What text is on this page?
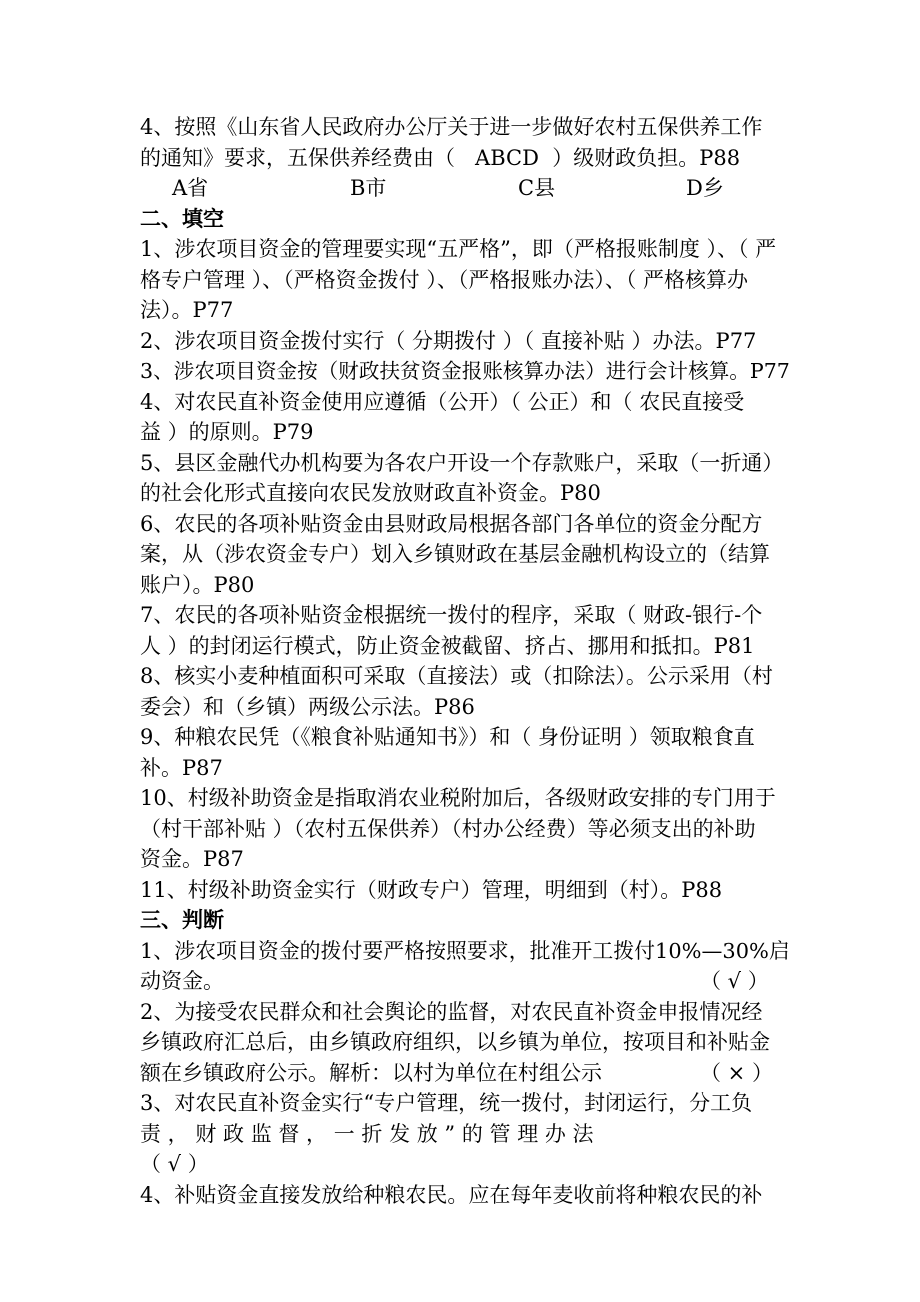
4、按照《山东省人民政府办公厅关于进一步做好农村五保供养工作
的通知》要求，五保供养经费由（   ABCD  ）级财政负担。P88
A省	B市	C县	D乡
二、填空
1、涉农项目资金的管理要实现“五严格”，即（严格报账制度 ）、（ 严
格专户管理 ）、（严格资金拨付 ）、（严格报账办法）、（ 严格核算办
法）。P77
2、涉农项目资金拨付实行（ 分期拨付 ）（ 直接补贴 ）办法。P77
3、涉农项目资金按（财政扶贫资金报账核算办法）进行会计核算。P77
4、对农民直补资金使用应遵循（公开）（ 公正）和（ 农民直接受
益 ）的原则。P79
5、县区金融代办机构要为各农户开设一个存款账户，采取（一折通）
的社会化形式直接向农民发放财政直补资金。P80
6、农民的各项补贴资金由县财政局根据各部门各单位的资金分配方
案，从（涉农资金专户）划入乡镇财政在基层金融机构设立的（结算
账户）。P80
7、农民的各项补贴资金根据统一拨付的程序，采取（ 财政-银行-个
人 ）的封闭运行模式，防止资金被截留、挤占、挪用和抵扣。P81
8、核实小麦种植面积可采取（直接法）或（扣除法）。公示采用（村
委会）和（乡镇）两级公示法。P86
9、种粮农民凭（《粮食补贴通知书》）和（ 身份证明 ）领取粮食直
补。P87
10、村级补助资金是指取消农业税附加后，各级财政安排的专门用于
（村干部补贴 ）（农村五保供养）（村办公经费）等必须支出的补助
资金。P87
11、村级补助资金实行（财政专户）管理，明细到（村）。P88
三、判断
1、涉农项目资金的拨付要严格按照要求，批准开工拨付10%—30%启
动资金。	（ √ ）
2、为接受农民群众和社会舆论的监督，对农民直补资金申报情况经
乡镇政府汇总后，由乡镇政府组织，以乡镇为单位，按项目和补贴金
额在乡镇政府公示。解析：以村为单位在村组公示	（ × ）
3、对农民直补资金实行“专户管理，统一拨付，封闭运行，分工负
责 ， 财 政 监 督 ， 一 折 发 放 ” 的 管 理 办 法
（ √ ）
4、补贴资金直接发放给种粮农民。应在每年麦收前将种粮农民的补
